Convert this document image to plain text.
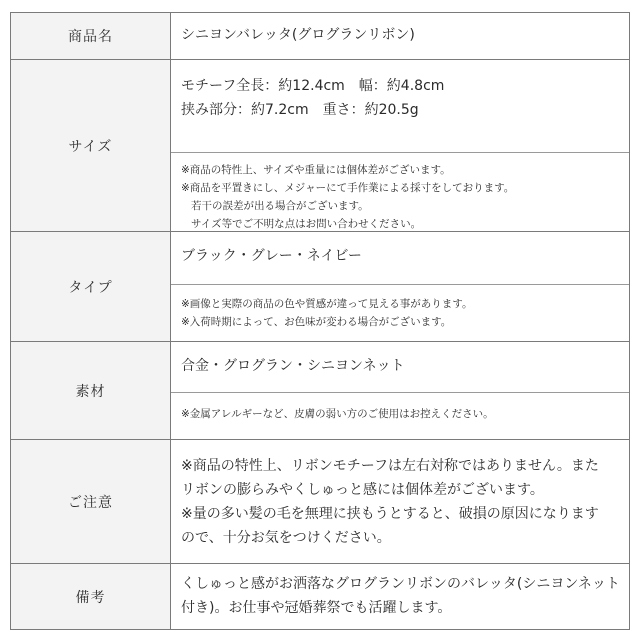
商品名	シニヨンバレッタ(グログランリボン)
サイズ
モチーフ全長：約12.4cm　幅：約4.8cm
挟み部分：約7.2cm　重さ：約20.5g
※商品の特性上、サイズや重量には個体差がございます。
※商品を平置きにし、メジャーにて手作業による採寸をしております。
若干の誤差が出る場合がございます。
サイズ等でご不明な点はお問い合わせください。
タイプ
ブラック・グレー・ネイビー
※画像と実際の商品の色や質感が違って見える事があります。
※入荷時期によって、お色味が変わる場合がございます。
素材
合金・グログラン・シニヨンネット
※金属アレルギーなど、皮膚の弱い方のご使用はお控えください。
ご注意
※商品の特性上、リボンモチーフは左右対称ではありません。また
リボンの膨らみやくしゅっと感には個体差がございます。
※量の多い髪の毛を無理に挟もうとすると、破損の原因になります
ので、十分お気をつけください。
備考
くしゅっと感がお洒落なグログランリボンのバレッタ(シニヨンネット
付き)。お仕事や冠婚葬祭でも活躍します。
